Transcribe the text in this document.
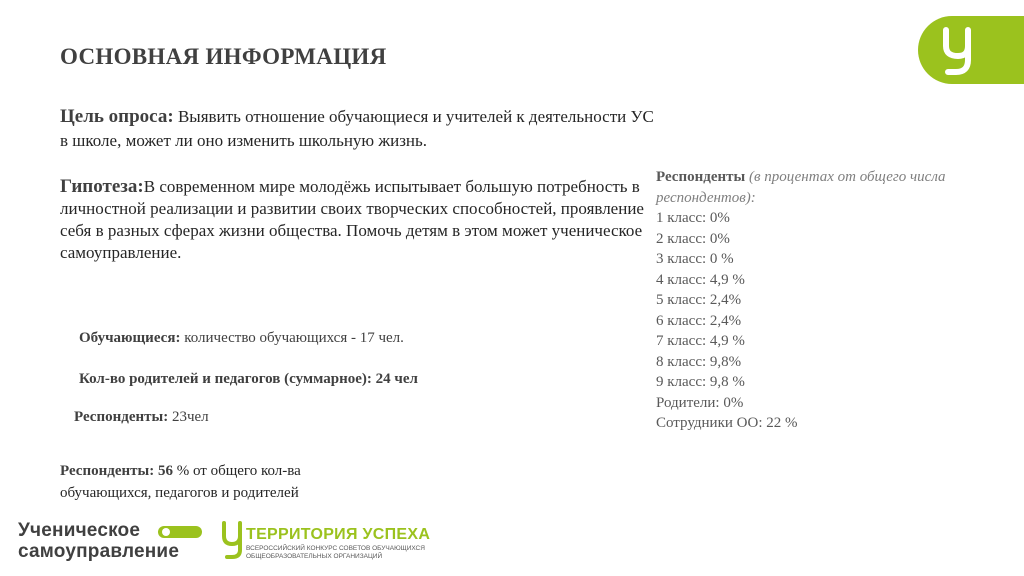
ОСНОВНАЯ ИНФОРМАЦИЯ
Цель опроса: Выявить отношение обучающиеся и учителей к деятельности УС в школе, может ли оно изменить школьную жизнь.
Гипотеза:В современном мире молодёжь испытывает большую потребность в личностной реализации и развитии своих творческих способностей, проявление себя в разных сферах жизни общества. Помочь детям в этом может ученическое самоуправление.
Обучающиеся: количество обучающихся - 17 чел.
Кол-во родителей и педагогов (суммарное): 24 чел
Респонденты: 23чел
Респонденты: 56 % от общего кол-ва обучающихся, педагогов и родителей
Респонденты (в процентах от общего числа респондентов):
1 класс: 0%
2 класс: 0%
3 класс: 0 %
4 класс: 4,9 %
5 класс: 2,4%
6 класс: 2,4%
7 класс: 4,9 %
8 класс: 9,8%
9 класс: 9,8 %
Родители: 0%
Сотрудники ОО: 22 %
Ученическое
самоуправление
ТЕРРИТОРИЯ УСПЕХА
ВСЕРОССИЙСКИЙ КОНКУРС СОВЕТОВ ОБУЧАЮЩИХСЯ
ОБЩЕОБРАЗОВАТЕЛЬНЫХ ОРГАНИЗАЦИЙ
